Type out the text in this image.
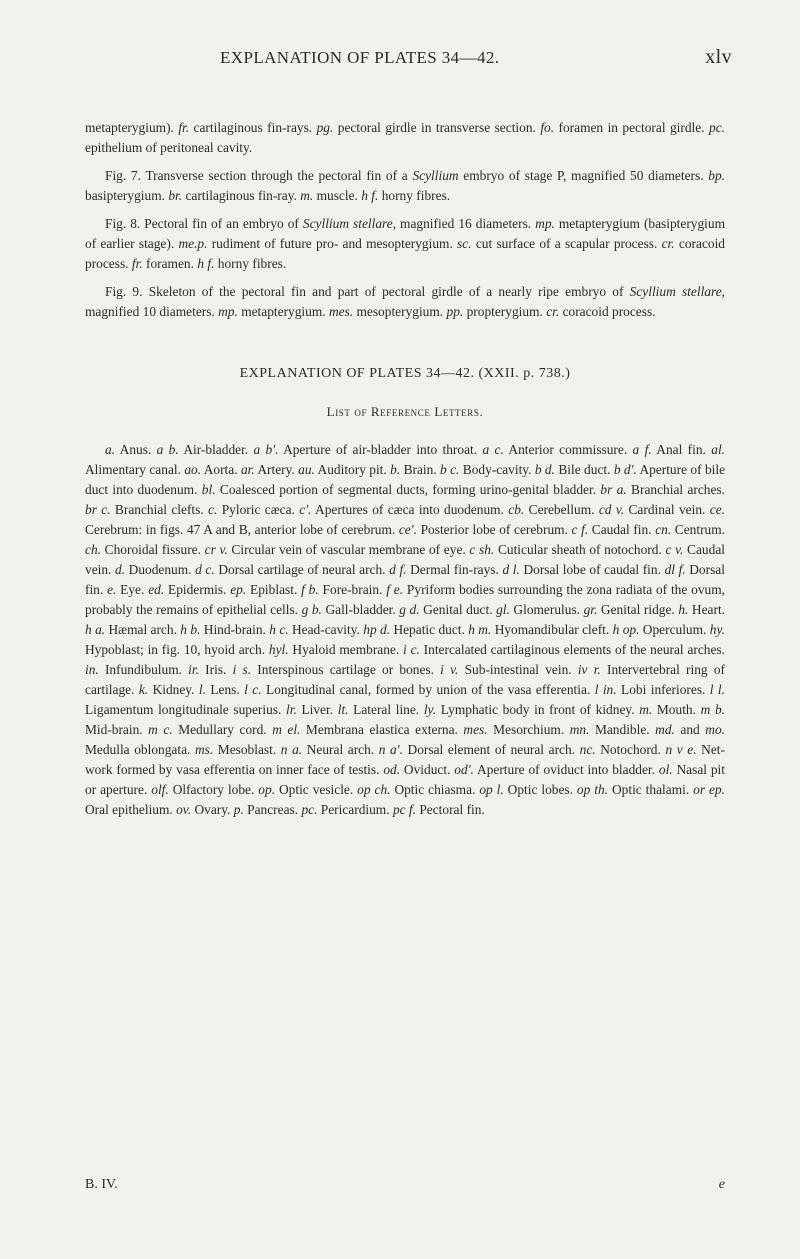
EXPLANATION OF PLATES 34—42.	xlv

metapterygium). fr. cartilaginous fin-rays. pg. pectoral girdle in transverse section. fo. foramen in pectoral girdle. pc. epithelium of peritoneal cavity.

Fig. 7. Transverse section through the pectoral fin of a Scyllium embryo of stage P, magnified 50 diameters. bp. basipterygium. br. cartilaginous fin-ray. m. muscle. h f. horny fibres.

Fig. 8. Pectoral fin of an embryo of Scyllium stellare, magnified 16 diameters. mp. metapterygium (basipterygium of earlier stage). me.p. rudiment of future pro- and mesopterygium. sc. cut surface of a scapular process. cr. coracoid process. fr. foramen. h f. horny fibres.

Fig. 9. Skeleton of the pectoral fin and part of pectoral girdle of a nearly ripe embryo of Scyllium stellare, magnified 10 diameters. mp. metapterygium. mes. mesopterygium. pp. propterygium. cr. coracoid process.

EXPLANATION OF PLATES 34—42. (XXII. p. 738.)
List of Reference Letters.

a. Anus. a b. Air-bladder. a b'. Aperture of air-bladder into throat. a c. Anterior commissure. a f. Anal fin. al. Alimentary canal. ao. Aorta. ar. Artery. au. Auditory pit. b. Brain. b c. Body-cavity. b d. Bile duct. b d'. Aperture of bile duct into duodenum. bl. Coalesced portion of segmental ducts, forming urino-genital bladder. br a. Branchial arches. br c. Branchial clefts. c. Pyloric cæca. c'. Apertures of cæca into duodenum. cb. Cerebellum. cd v. Cardinal vein. ce. Cerebrum: in figs. 47 A and B, anterior lobe of cerebrum. ce'. Posterior lobe of cerebrum. c f. Caudal fin. cn. Centrum. ch. Choroidal fissure. cr v. Circular vein of vascular membrane of eye. c sh. Cuticular sheath of notochord. c v. Caudal vein. d. Duodenum. d c. Dorsal cartilage of neural arch. d f. Dermal fin-rays. d l. Dorsal lobe of caudal fin. dl f. Dorsal fin. e. Eye. ed. Epidermis. ep. Epiblast. f b. Fore-brain. f e. Pyriform bodies surrounding the zona radiata of the ovum, probably the remains of epithelial cells. g b. Gall-bladder. g d. Genital duct. gl. Glomerulus. gr. Genital ridge. h. Heart. h a. Hæmal arch. h b. Hind-brain. h c. Head-cavity. hp d. Hepatic duct. h m. Hyomandibular cleft. h op. Operculum. hy. Hypoblast; in fig. 10, hyoid arch. hyl. Hyaloid membrane. i c. Intercalated cartilaginous elements of the neural arches. in. Infundibulum. ir. Iris. i s. Interspinous cartilage or bones. i v. Sub-intestinal vein. iv r. Intervertebral ring of cartilage. k. Kidney. l. Lens. l c. Longitudinal canal, formed by union of the vasa efferentia. l in. Lobi inferiores. l l. Ligamentum longitudinale superius. lr. Liver. lt. Lateral line. ly. Lymphatic body in front of kidney. m. Mouth. m b. Mid-brain. m c. Medullary cord. m el. Membrana elastica externa. mes. Mesorchium. mn. Mandible. md. and mo. Medulla oblongata. ms. Mesoblast. n a. Neural arch. n a'. Dorsal element of neural arch. nc. Notochord. n v e. Net-work formed by vasa efferentia on inner face of testis. od. Oviduct. od'. Aperture of oviduct into bladder. ol. Nasal pit or aperture. olf. Olfactory lobe. op. Optic vesicle. op ch. Optic chiasma. op l. Optic lobes. op th. Optic thalami. or ep. Oral epithelium. ov. Ovary. p. Pancreas. pc. Pericardium. pc f. Pectoral fin.

B. IV.	e
